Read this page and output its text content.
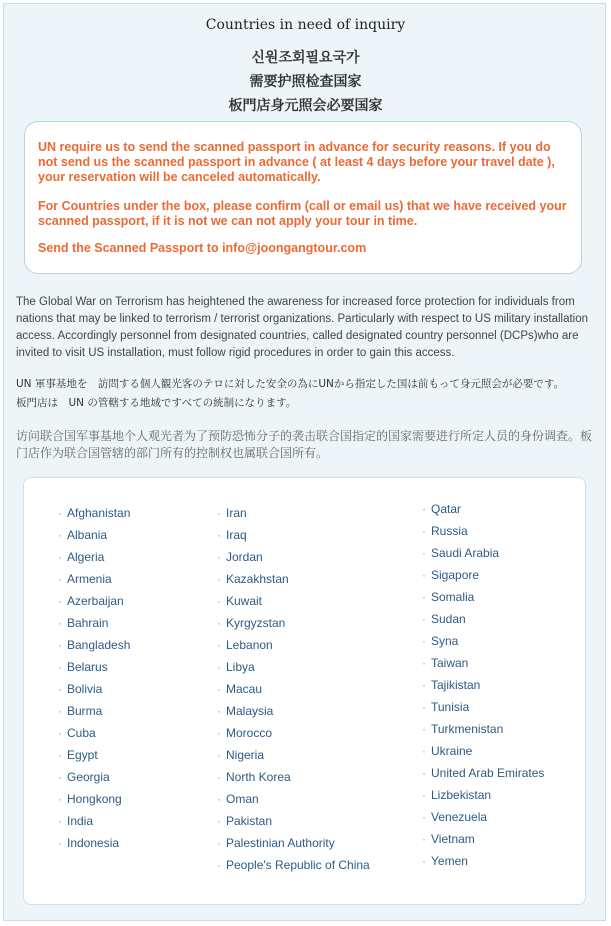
Countries in need of inquiry
신원조회필요국가
需要护照检查国家
板門店身元照会必要国家
UN require us to send the scanned passport in advance for security reasons. If you do not send us the scanned passport in advance ( at least 4 days before your travel date ), your reservation will be canceled automatically.
For Countries under the box, please confirm (call or email us) that we have received your scanned passport, if it is not we can not apply your tour in time.
Send the Scanned Passport to info@joongangtour.com
The Global War on Terrorism has heightened the awareness for increased force protection for individuals from nations that may be linked to terrorism / terrorist organizations. Particularly with respect to US military installation access. Accordingly personnel from designated countries, called designated country personnel (DCPs)who are invited to visit US installation, must follow rigid procedures in order to gain this access.
UN 軍事基地を　訪問する個人観光客のテロに対した安全の為にUNから指定した国は前もって身元照会が必要です。
板門店は　UN の管轄する地域ですべての統制になります。
访问联合国军事基地个人观光者为了预防恐怖分子的袭击联合国指定的国家需要进行所定人员的身份调查。板门店作为联合国管辖的部门所有的控制权也属联合国所有。
· Afghanistan
· Albania
· Algeria
· Armenia
· Azerbaijan
· Bahrain
· Bangladesh
· Belarus
· Bolivia
· Burma
· Cuba
· Egypt
· Georgia
· Hongkong
· India
· Indonesia
· Iran
· Iraq
· Jordan
· Kazakhstan
· Kuwait
· Kyrgyzstan
· Lebanon
· Libya
· Macau
· Malaysia
· Morocco
· Nigeria
· North Korea
· Oman
· Pakistan
· Palestinian Authority
· People's Republic of China
· Qatar
· Russia
· Saudi Arabia
· Sigapore
· Somalia
· Sudan
· Syna
· Taiwan
· Tajikistan
· Tunisia
· Turkmenistan
· Ukraine
· United Arab Emirates
· Lizbekistan
· Venezuela
· Vietnam
· Yemen
